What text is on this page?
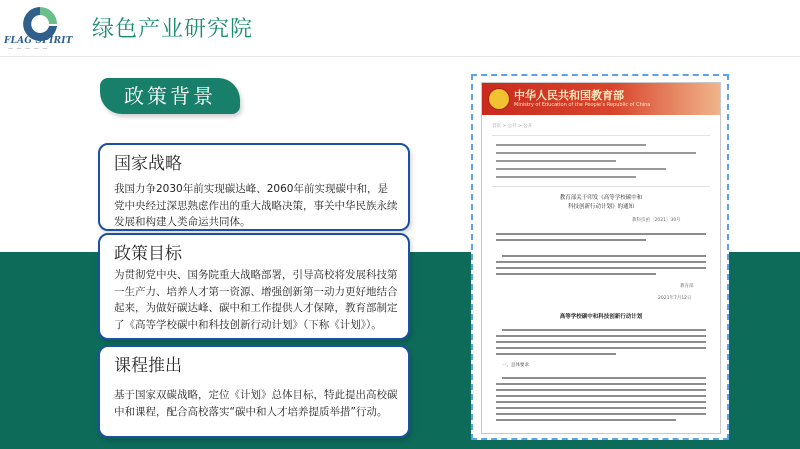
FLAG SPIRIT
— — — — —
绿色产业研究院
政策背景
国家战略
我国力争2030年前实现碳达峰、2060年前实现碳中和，是党中央经过深思熟虑作出的重大战略决策，事关中华民族永续发展和构建人类命运共同体。
政策目标
为贯彻党中央、国务院重大战略部署，引导高校将发展科技第一生产力、培养人才第一资源、增强创新第一动力更好地结合起来，为做好碳达峰、碳中和工作提供人才保障，教育部制定了《高等学校碳中和科技创新行动计划》（下称《计划》）。
课程推出
基于国家双碳战略，定位《计划》总体目标，特此提出高校碳中和课程，配合高校落实“碳中和人才培养提质举措”行动。
中华人民共和国教育部
Ministry of Education of the People's Republic of China
首页 > 公开 > 公开
教育部关于印发《高等学校碳中和
科技创新行动计划》的通知
教科技函〔2021〕30号
教育部
2021年7月12日
高等学校碳中和科技创新行动计划
一、总体要求
